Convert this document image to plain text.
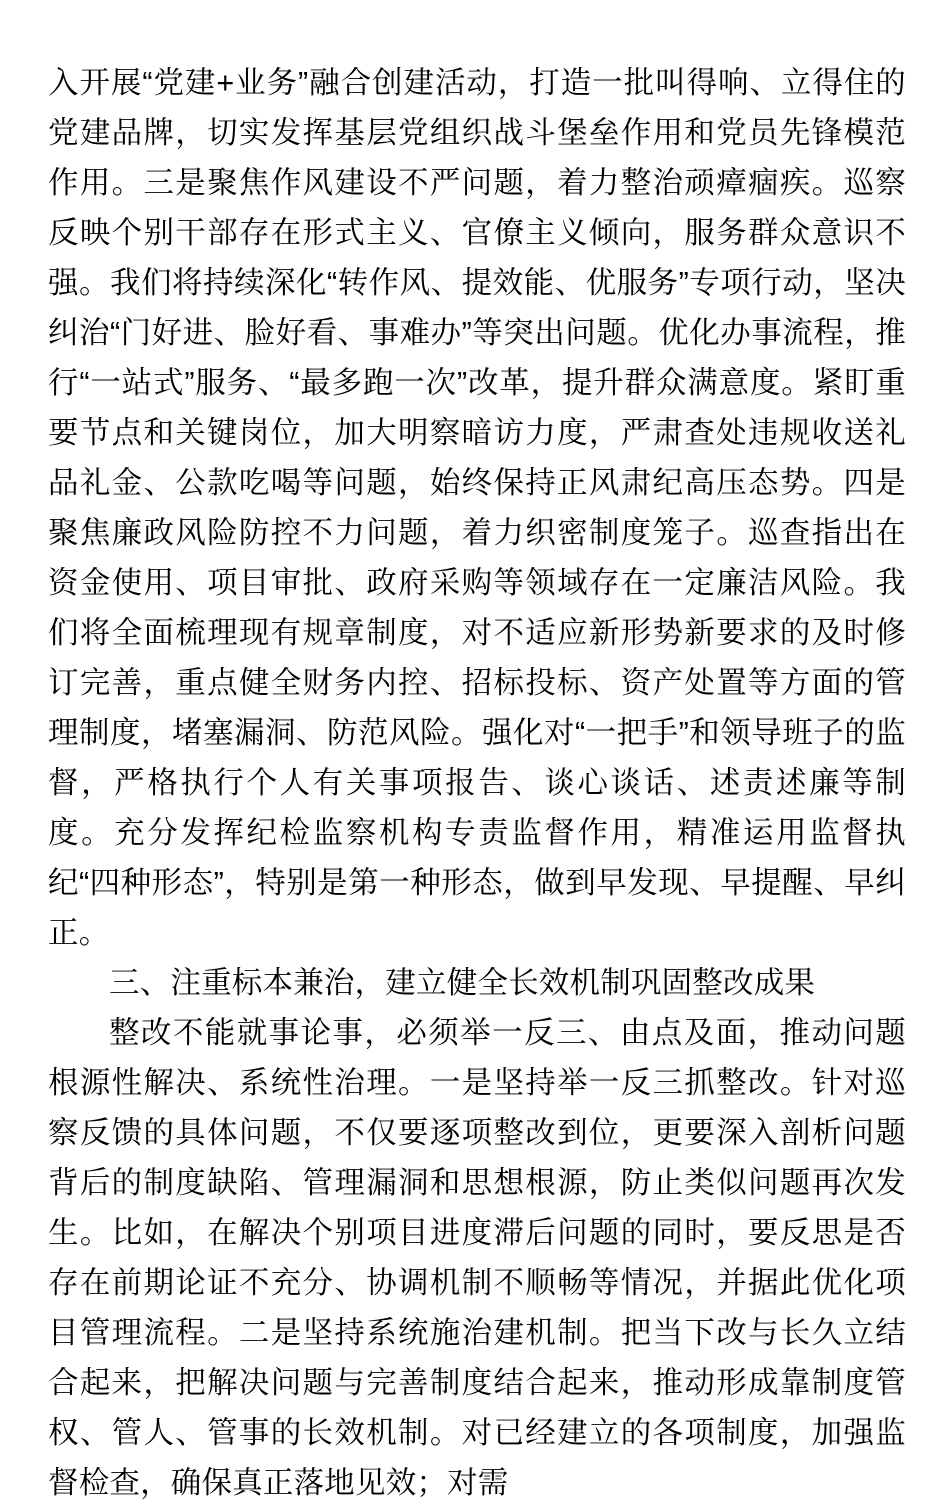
入开展“党建+业务”融合创建活动，打造一批叫得响、立得住的党建品牌，切实发挥基层党组织战斗堡垒作用和党员先锋模范作用。三是聚焦作风建设不严问题，着力整治顽瘴痼疾。巡察反映个别干部存在形式主义、官僚主义倾向，服务群众意识不强。我们将持续深化“转作风、提效能、优服务”专项行动，坚决纠治“门好进、脸好看、事难办”等突出问题。优化办事流程，推行“一站式”服务、“最多跑一次”改革，提升群众满意度。紧盯重要节点和关键岗位，加大明察暗访力度，严肃查处违规收送礼品礼金、公款吃喝等问题，始终保持正风肃纪高压态势。四是聚焦廉政风险防控不力问题，着力织密制度笼子。巡查指出在资金使用、项目审批、政府采购等领域存在一定廉洁风险。我们将全面梳理现有规章制度，对不适应新形势新要求的及时修订完善，重点健全财务内控、招标投标、资产处置等方面的管理制度，堵塞漏洞、防范风险。强化对“一把手”和领导班子的监督，严格执行个人有关事项报告、谈心谈话、述责述廉等制度。充分发挥纪检监察机构专责监督作用，精准运用监督执纪“四种形态”，特别是第一种形态，做到早发现、早提醒、早纠正。

三、注重标本兼治，建立健全长效机制巩固整改成果

整改不能就事论事，必须举一反三、由点及面，推动问题根源性解决、系统性治理。一是坚持举一反三抓整改。针对巡察反馈的具体问题，不仅要逐项整改到位，更要深入剖析问题背后的制度缺陷、管理漏洞和思想根源，防止类似问题再次发生。比如，在解决个别项目进度滞后问题的同时，要反思是否存在前期论证不充分、协调机制不顺畅等情况，并据此优化项目管理流程。二是坚持系统施治建机制。把当下改与长久立结合起来，把解决问题与完善制度结合起来，推动形成靠制度管权、管人、管事的长效机制。对已经建立的各项制度，加强监督检查，确保真正落地见效；对需
